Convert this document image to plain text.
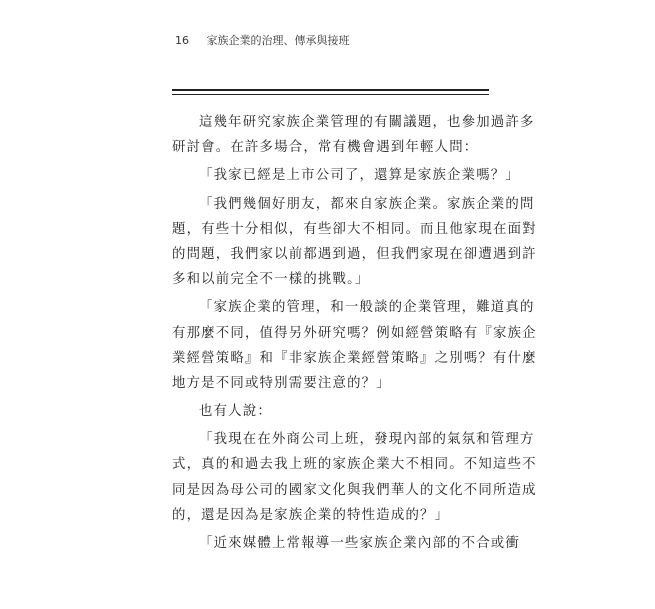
16 家族企業的治理、傳承與接班
這幾年研究家族企業管理的有關議題，也參加過許多
研討會。在許多場合，常有機會遇到年輕人問：
「我家已經是上市公司了，還算是家族企業嗎？」
「我們幾個好朋友，都來自家族企業。家族企業的問
題，有些十分相似，有些卻大不相同。而且他家現在面對
的問題，我們家以前都遇到過，但我們家現在卻遭遇到許
多和以前完全不一樣的挑戰。」
「家族企業的管理，和一般談的企業管理，難道真的
有那麼不同，值得另外研究嗎？例如經營策略有『家族企
業經營策略』和『非家族企業經營策略』之別嗎？有什麼
地方是不同或特別需要注意的？」
也有人說：
「我現在在外商公司上班，發現內部的氣氛和管理方
式，真的和過去我上班的家族企業大不相同。不知這些不
同是因為母公司的國家文化與我們華人的文化不同所造成
的，還是因為是家族企業的特性造成的？」
「近來媒體上常報導一些家族企業內部的不合或衝
